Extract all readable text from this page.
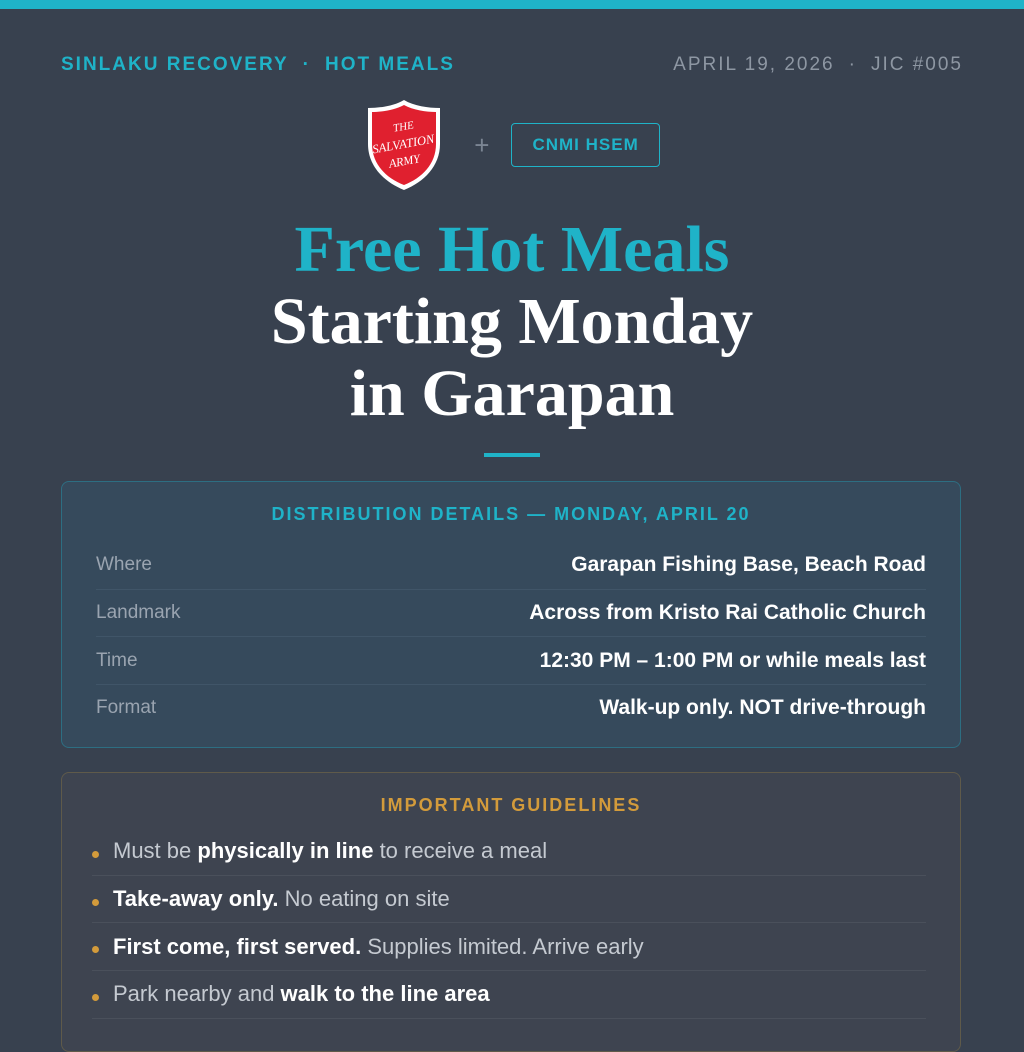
SINLAKU RECOVERY · HOT MEALS	APRIL 19, 2026 · JIC #005
THE
SALVATION
ARMY
+	CNMI HSEM
Free Hot Meals
Starting Monday
in Garapan
DISTRIBUTION DETAILS — MONDAY, APRIL 20
Where	Garapan Fishing Base, Beach Road
Landmark	Across from Kristo Rai Catholic Church
Time	12:30 PM – 1:00 PM or while meals last
Format	Walk-up only. NOT drive-through
IMPORTANT GUIDELINES
Must be physically in line to receive a meal
Take-away only. No eating on site
First come, first served. Supplies limited. Arrive early
Park nearby and walk to the line area
